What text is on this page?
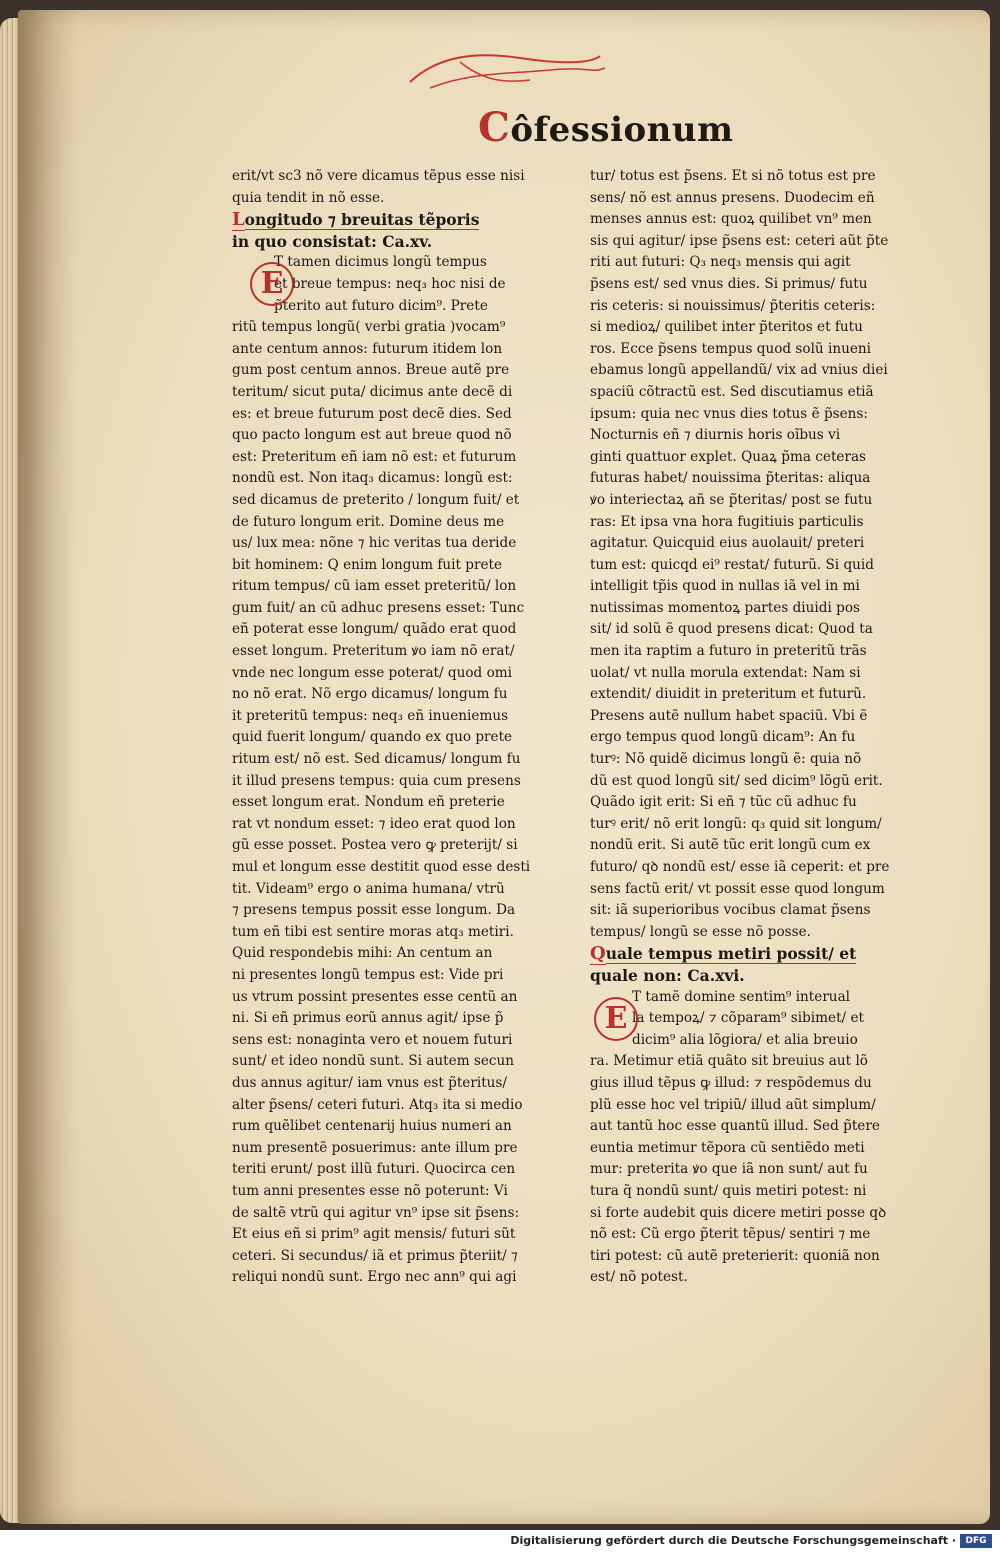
Côfessionum
erit/vt sc3 nõ vere dicamus tẽpus esse nisi
quia tendit in nõ esse.
Longitudo ⁊ breuitas tẽporis
in quo consistat: Ca.xv.
E
T tamen dicimus longũ tempus
et breue tempus: neq₃ hoc nisi de
p̃terito aut futuro dicim⁹. Prete
ritũ tempus longũ( verbi gratia )vocam⁹
ante centum annos: futurum itidem lon
gum post centum annos. Breue autẽ pre
teritum/ sicut puta/ dicimus ante decẽ di
es: et breue futurum post decẽ dies. Sed
quo pacto longum est aut breue quod nõ
est: Preteritum eñ iam nõ est: et futurum
nondũ est. Non itaq₃ dicamus: longũ est:
sed dicamus de preterito / longum fuit/ et
de futuro longum erit. Domine deus me
us/ lux mea: nõne ⁊ hic veritas tua deride
bit hominem: Q enim longum fuit prete
ritum tempus/ cũ iam esset preteritũ/ lon
gum fuit/ an cũ adhuc presens esset: Tunc
eñ poterat esse longum/ quãdo erat quod
esset longum. Preteritum ꝟo iam nõ erat/
vnde nec longum esse poterat/ quod omi
no nõ erat. Nõ ergo dicamus/ longum fu
it preteritũ tempus: neq₃ eñ inueniemus
quid fuerit longum/ quando ex quo prete
ritum est/ nõ est. Sed dicamus/ longum fu
it illud presens tempus: quia cum presens
esset longum erat. Nondum eñ preterie
rat vt nondum esset: ⁊ ideo erat quod lon
gũ esse posset. Postea vero ꝙ preterijt/ si
mul et longum esse destitit quod esse desti
tit. Videam⁹ ergo o anima humana/ vtrũ
⁊ presens tempus possit esse longum. Da
tum eñ tibi est sentire moras atq₃ metiri.
Quid respondebis mihi: An centum an
ni presentes longũ tempus est: Vide pri
us vtrum possint presentes esse centũ an
ni. Si eñ primus eorũ annus agit/ ipse p̃
sens est: nonaginta vero et nouem futuri
sunt/ et ideo nondũ sunt. Si autem secun
dus annus agitur/ iam vnus est p̃teritus/
alter p̃sens/ ceteri futuri. Atq₃ ita si medio
rum quẽlibet centenarij huius numeri an
num presentẽ posuerimus: ante illum pre
teriti erunt/ post illũ futuri. Quocirca cen
tum anni presentes esse nõ poterunt: Vi
de saltẽ vtrũ qui agitur vn⁹ ipse sit p̃sens:
Et eius eñ si prim⁹ agit mensis/ futuri sũt
ceteri. Si secundus/ iã et primus p̃teriit/ ⁊
reliqui nondũ sunt. Ergo nec ann⁹ qui agi
tur/ totus est p̃sens. Et si nõ totus est pre
sens/ nõ est annus presens. Duodecim eñ
menses annus est: quoꝝ quilibet vn⁹ men
sis qui agitur/ ipse p̃sens est: ceteri aũt p̃te
riti aut futuri: Q₃ neq₃ mensis qui agit
p̃sens est/ sed vnus dies. Si primus/ futu
ris ceteris: si nouissimus/ p̃teritis ceteris:
si medioꝝ/ quilibet inter p̃teritos et futu
ros. Ecce p̃sens tempus quod solũ inueni
ebamus longũ appellandũ/ vix ad vnius diei
spaciũ cõtractũ est. Sed discutiamus etiã
ipsum: quia nec vnus dies totus ẽ p̃sens:
Nocturnis eñ ⁊ diurnis horis oĩbus vi
ginti quattuor explet. Quaꝝ p̃ma ceteras
futuras habet/ nouissima p̃teritas: aliqua
ꝟo interiectaꝝ añ se p̃teritas/ post se futu
ras: Et ipsa vna hora fugitiuis particulis
agitatur. Quicquid eius auolauit/ preteri
tum est: quicqd ei⁹ restat/ futurũ. Si quid
intelligit tp̃is quod in nullas iã vel in mi
nutissimas momentoꝝ partes diuidi pos
sit/ id solũ ẽ quod presens dicat: Quod ta
men ita raptim a futuro in preteritũ trãs
uolat/ vt nulla morula extendat: Nam si
extendit/ diuidit in preteritum et futurũ.
Presens autẽ nullum habet spaciũ. Vbi ẽ
ergo tempus quod longũ dicam⁹: An fu
turꝰ: Nõ quidẽ dicimus longũ ẽ: quia nõ
dũ est quod longũ sit/ sed dicim⁹ lõgũ erit.
Quãdo igit erit: Si eñ ⁊ tũc cũ adhuc fu
turꝰ erit/ nõ erit longũ: q₃ quid sit longum/
nondũ erit. Si autẽ tũc erit longũ cum ex
futuro/ qꝺ nondũ est/ esse iã ceperit: et pre
sens factũ erit/ vt possit esse quod longum
sit: iã superioribus vocibus clamat p̃sens
tempus/ longũ se esse nõ posse.
Quale tempus metiri possit/ et
quale non: Ca.xvi.
E
T tamẽ domine sentim⁹ interual
la tempoꝝ/ ⁊ cõparam⁹ sibimet/ et
dicim⁹ alia lõgiora/ et alia breuio
ra. Metimur etiã quãto sit breuius aut lõ
gius illud tẽpus ꝙ illud: ⁊ respõdemus du
plũ esse hoc vel tripiũ/ illud aũt simplum/
aut tantũ hoc esse quantũ illud. Sed p̃tere
euntia metimur tẽpora cũ sentiẽdo meti
mur: preterita ꝟo que iã non sunt/ aut fu
tura q̃ nondũ sunt/ quis metiri potest: ni
si forte audebit quis dicere metiri posse qꝺ
nõ est: Cũ ergo p̃terit tẽpus/ sentiri ⁊ me
tiri potest: cũ autẽ preterierit: quoniã non
est/ nõ potest.
Digitalisierung gefördert durch die Deutsche Forschungsgemeinschaft ·	DFG
